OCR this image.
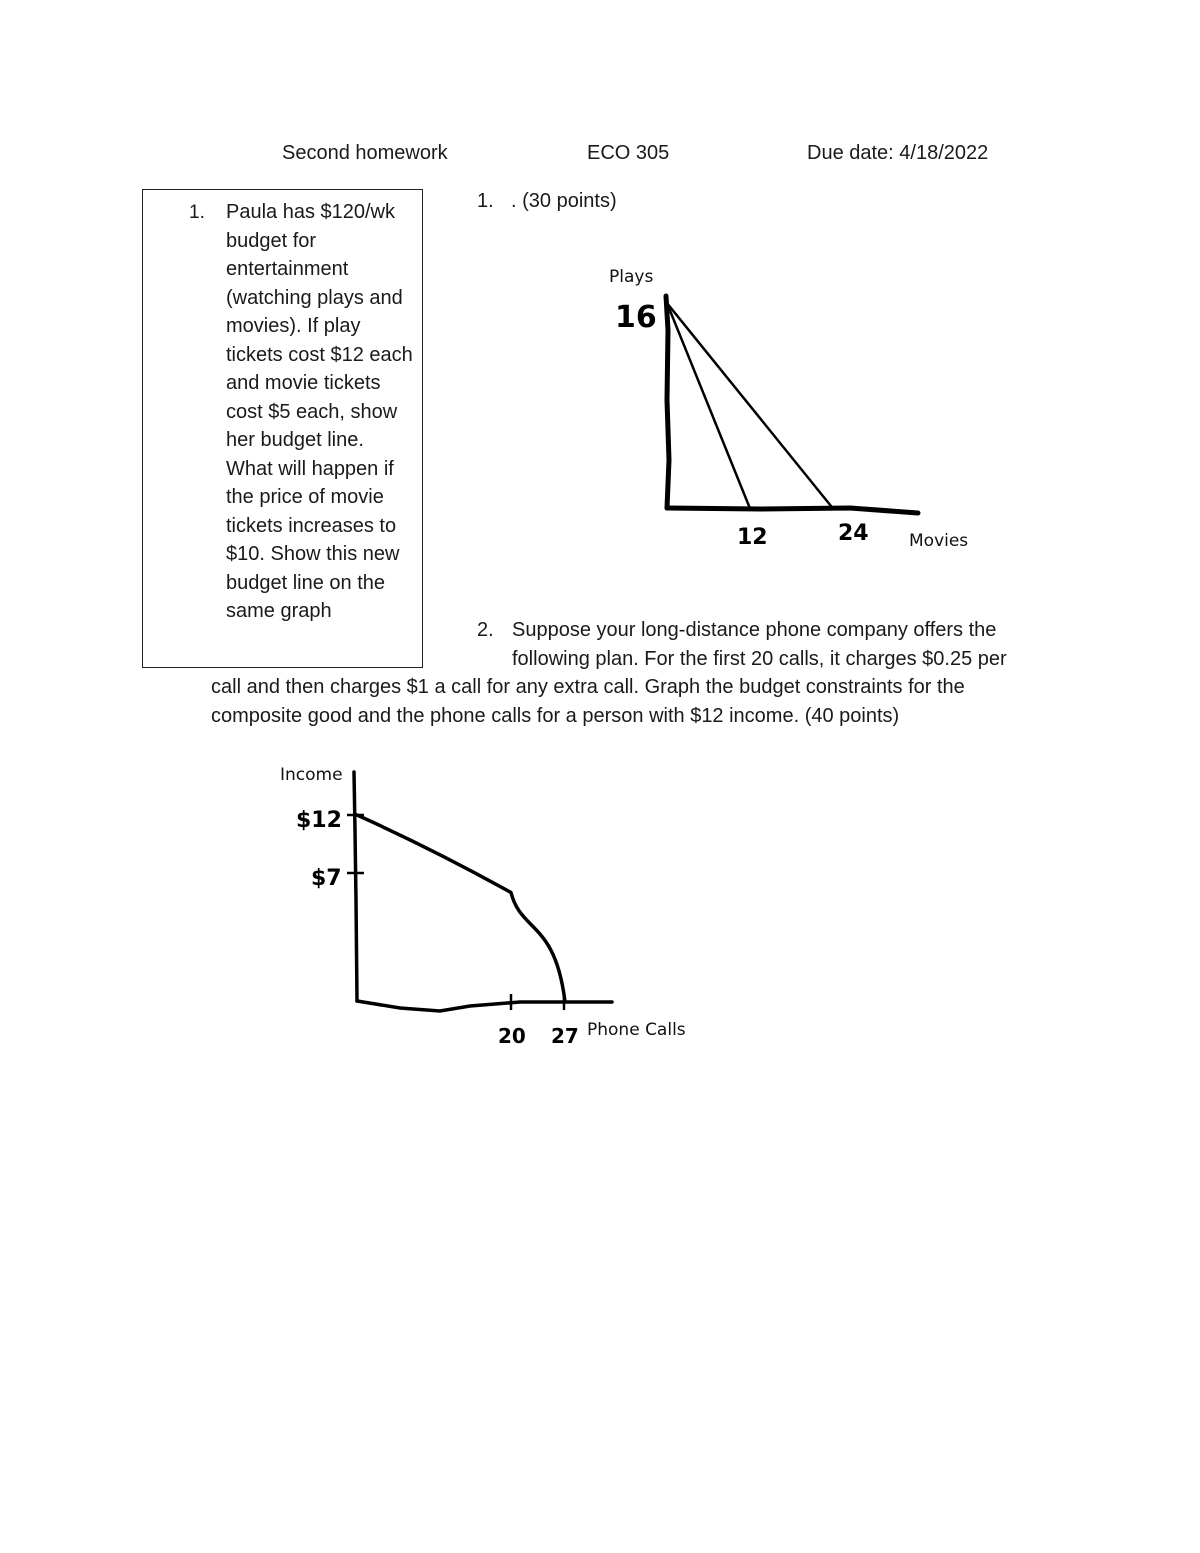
Second homework	ECO 305	Due date: 4/18/2022
1. Paula has $120/wk budget for entertainment (watching plays and movies). If play tickets cost $12 each and movie tickets cost $5 each, show her budget line. What will happen if the price of movie tickets increases to $10. Show this new budget line on the same graph
1. . (30 points)
2. Suppose your long-distance phone company offers the
following plan. For the first 20 calls, it charges $0.25 per
call and then charges $1 a call for any extra call. Graph the budget constraints for the
composite good and the phone calls for a person with $12 income. (40 points)
Plays
Movies
16
12	24
Income
Phone Calls
$12
$7
20 27
